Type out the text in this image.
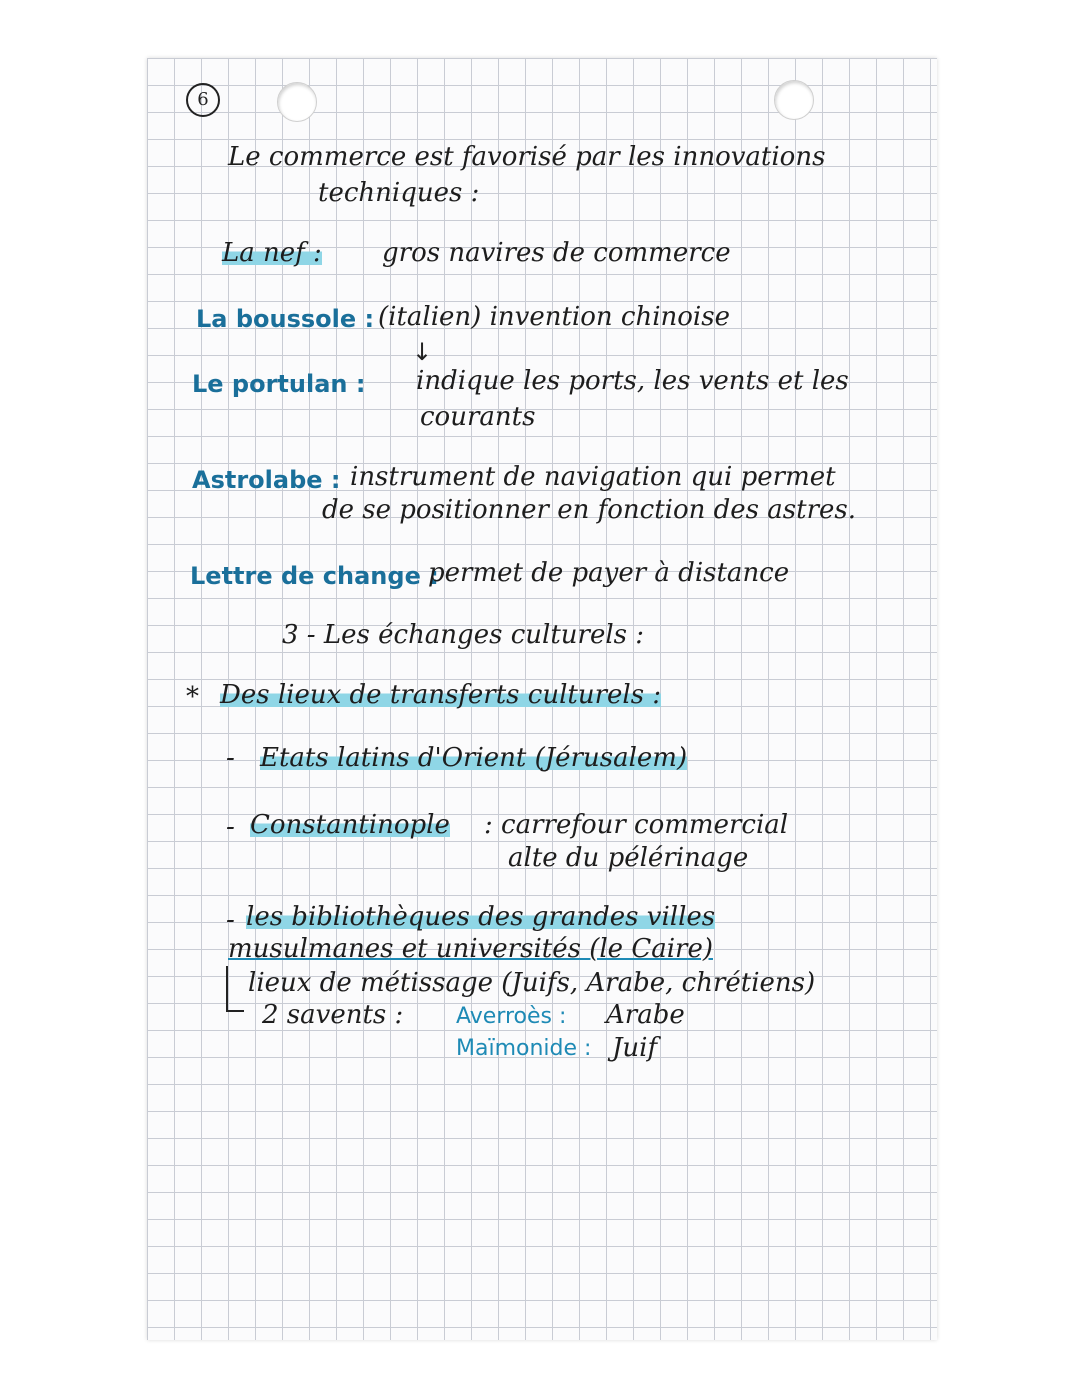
6
Le commerce est favorisé par les innovations
techniques :
La nef : gros navires de commerce
La boussole : (italien) invention chinoise
↓
Le portulan : indique les ports, les vents et les
courants
Astrolabe : instrument de navigation qui permet
de se positionner en fonction des astres.
Lettre de change :
permet de payer à distance
3 - Les échanges culturels :
* Des lieux de transferts culturels :
- Etats latins d'Orient (Jérusalem)
- Constantinople : carrefour commercial
alte du pélérinage
- les bibliothèques des grandes villes
musulmanes et universités (le Caire)
lieux de métissage (Juifs, Arabe, chrétiens)
2 savents : Averroès :
Maïmonide :
Arabe
Juif
